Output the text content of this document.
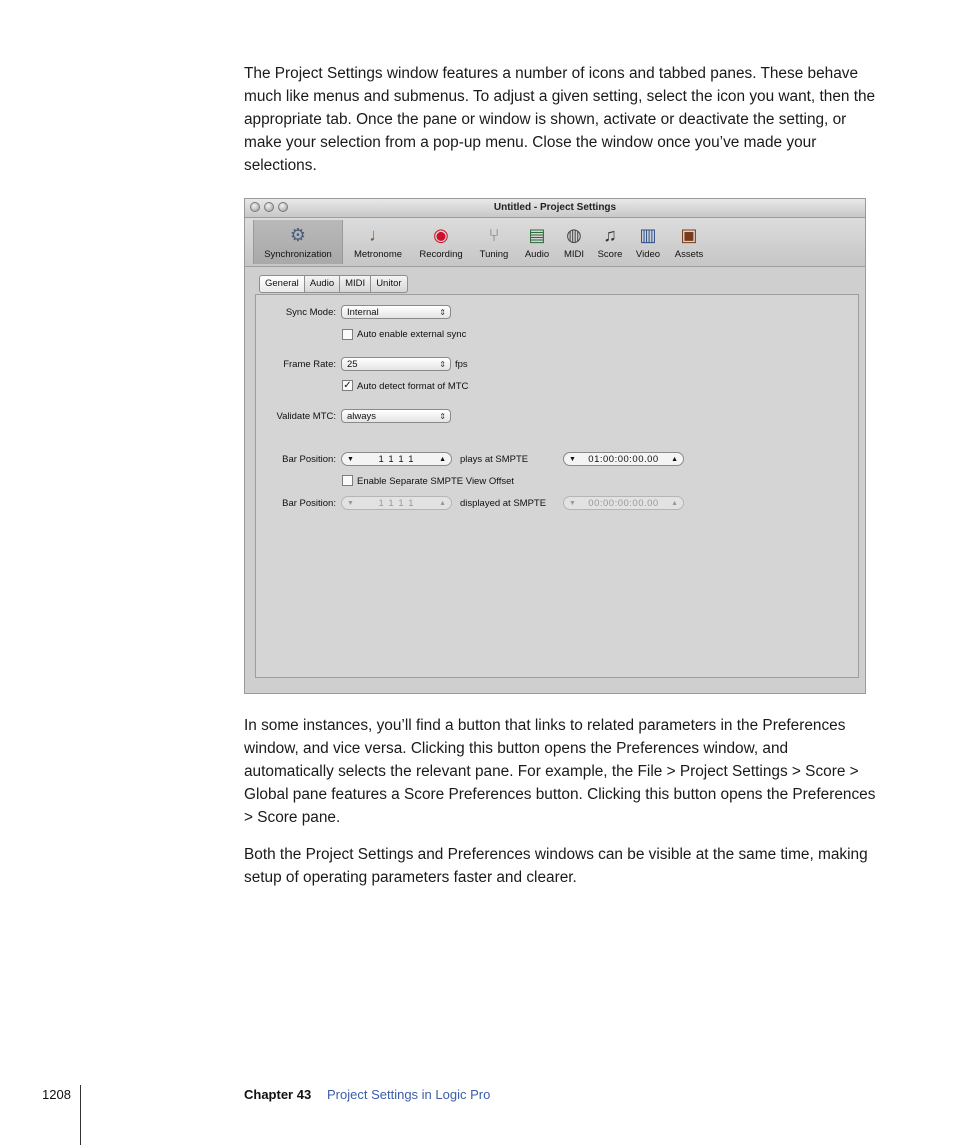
The Project Settings window features a number of icons and tabbed panes. These behave much like menus and submenus. To adjust a given setting, select the icon you want, then the appropriate tab. Once the pane or window is shown, activate or deactivate the setting, or make your selection from a pop-up menu. Close the window once you’ve made your selections.

Untitled - Project Settings
⚙
Synchronization
♩
Metronome
◉
Recording
⑂
Tuning
▤
Audio
◍
MIDI
♫
Score
▥
Video
▣
Assets
General	Audio	MIDI	Unitor
Sync Mode:	Internal	⇕
Auto enable external sync
Frame Rate:	25	⇕ fps
✓ Auto detect format of MTC
Validate MTC:	always	⇕
Bar Position: ▼	1 1 1 1	▲ plays at SMPTE	▼	01:00:00:00.00	▲
Enable Separate SMPTE View Offset
Bar Position: ▼	1 1 1 1	▲ displayed at SMPTE	▼	00:00:00:00.00	▲

In some instances, you’ll find a button that links to related parameters in the Preferences window, and vice versa. Clicking this button opens the Preferences window, and automatically selects the relevant pane. For example, the File > Project Settings > Score > Global pane features a Score Preferences button. Clicking this button opens the Preferences > Score pane.

Both the Project Settings and Preferences windows can be visible at the same time, making setup of operating parameters faster and clearer.

1208	Chapter 43 Project Settings in Logic Pro
